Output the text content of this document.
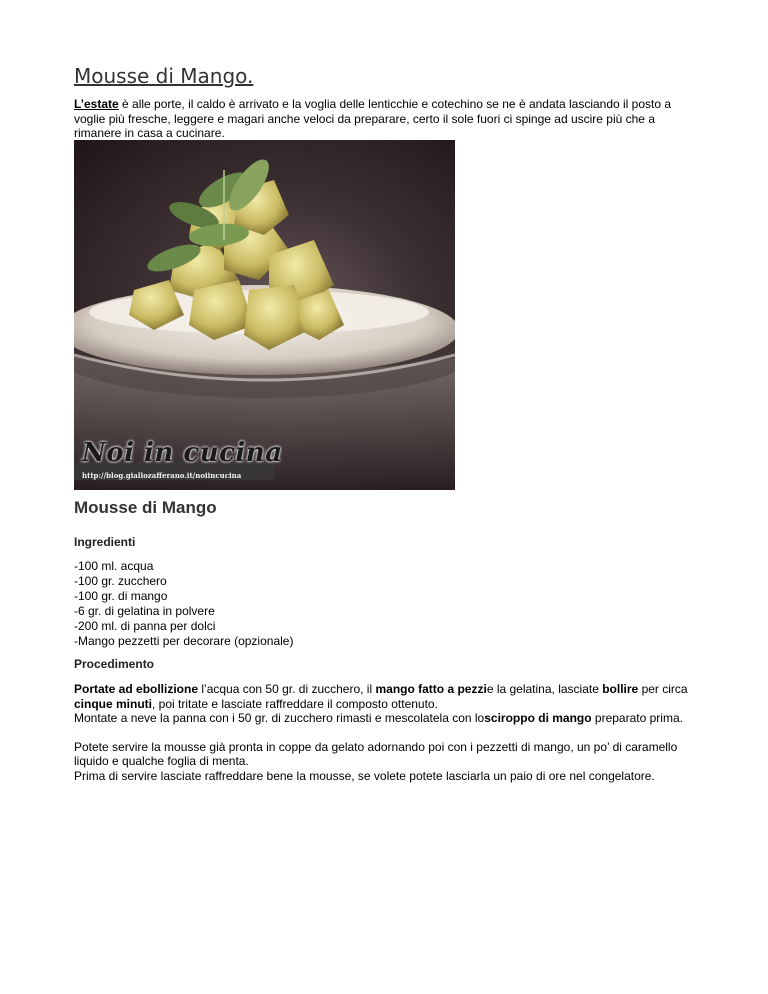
Mousse di Mango.

L’estate è alle porte, il caldo è arrivato e la voglia delle lenticchie e cotechino se ne è andata lasciando il posto a voglie più fresche, leggere e magari anche veloci da preparare, certo il sole fuori ci spinge ad uscire più che a rimanere in casa a cucinare.

Noi in cucina
http://blog.giallozafferano.it/noiincucina
Mousse di Mango

Ingredienti

-100 ml. acqua
-100 gr. zucchero
-100 gr. di mango
-6 gr. di gelatina in polvere
-200 ml. di panna per dolci
-Mango pezzetti per decorare (opzionale)

Procedimento

Portate ad ebollizione l’acqua con 50 gr. di zucchero, il mango fatto a pezzie la gelatina, lasciate bollire per circa cinque minuti, poi tritate e lasciate raffreddare il composto ottenuto.

Montate a neve la panna con i 50 gr. di zucchero rimasti e mescolatela con losciroppo di mango preparato prima.

.

Potete servire la mousse già pronta in coppe da gelato adornando poi con i pezzetti di mango, un po’ di caramello liquido e qualche foglia di menta.

Prima di servire lasciate raffreddare bene la mousse, se volete potete lasciarla un paio di ore nel congelatore.
